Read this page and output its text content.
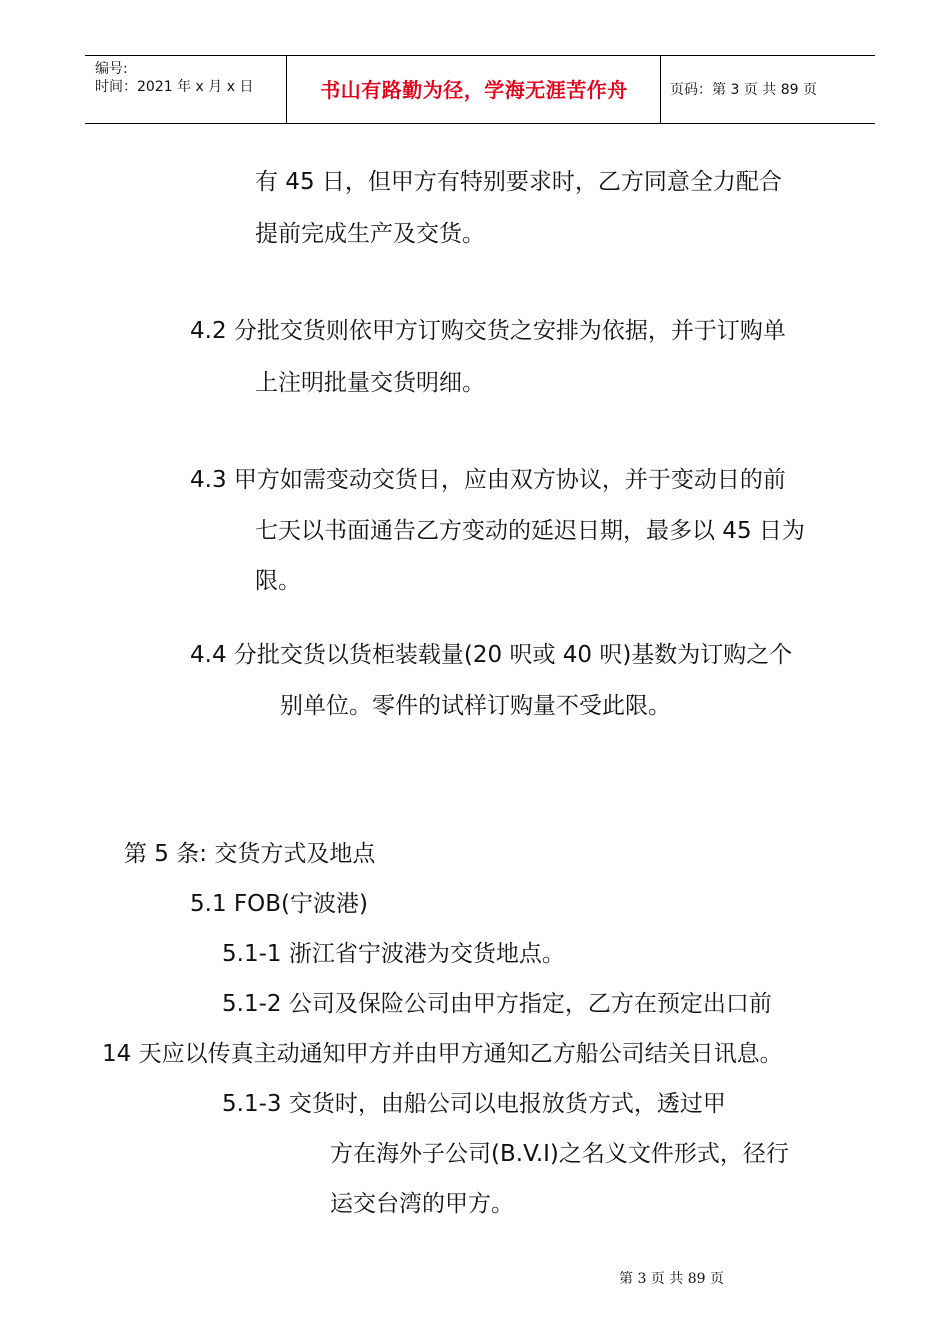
编号:
时间：2021 年 x 月 x 日	书山有路勤为径，学海无涯苦作舟	页码：第 3 页 共 89 页
有 45 日，但甲方有特别要求时，乙方同意全力配合
提前完成生产及交货。
4.2 分批交货则依甲方订购交货之安排为依据，并于订购单
上注明批量交货明细。
4.3 甲方如需变动交货日，应由双方协议，并于变动日的前
七天以书面通告乙方变动的延迟日期，最多以 45 日为
限。
4.4 分批交货以货柜装载量(20 呎或 40 呎)基数为订购之个
别单位。零件的试样订购量不受此限。
第 5 条: 交货方式及地点
5.1 FOB(宁波港)
5.1-1 浙江省宁波港为交货地点。
5.1-2 公司及保险公司由甲方指定，乙方在预定出口前
14 天应以传真主动通知甲方并由甲方通知乙方船公司结关日讯息。
5.1-3 交货时，由船公司以电报放货方式，透过甲
方在海外子公司(B.V.I)之名义文件形式，径行
运交台湾的甲方。
第 3 页 共 89 页
